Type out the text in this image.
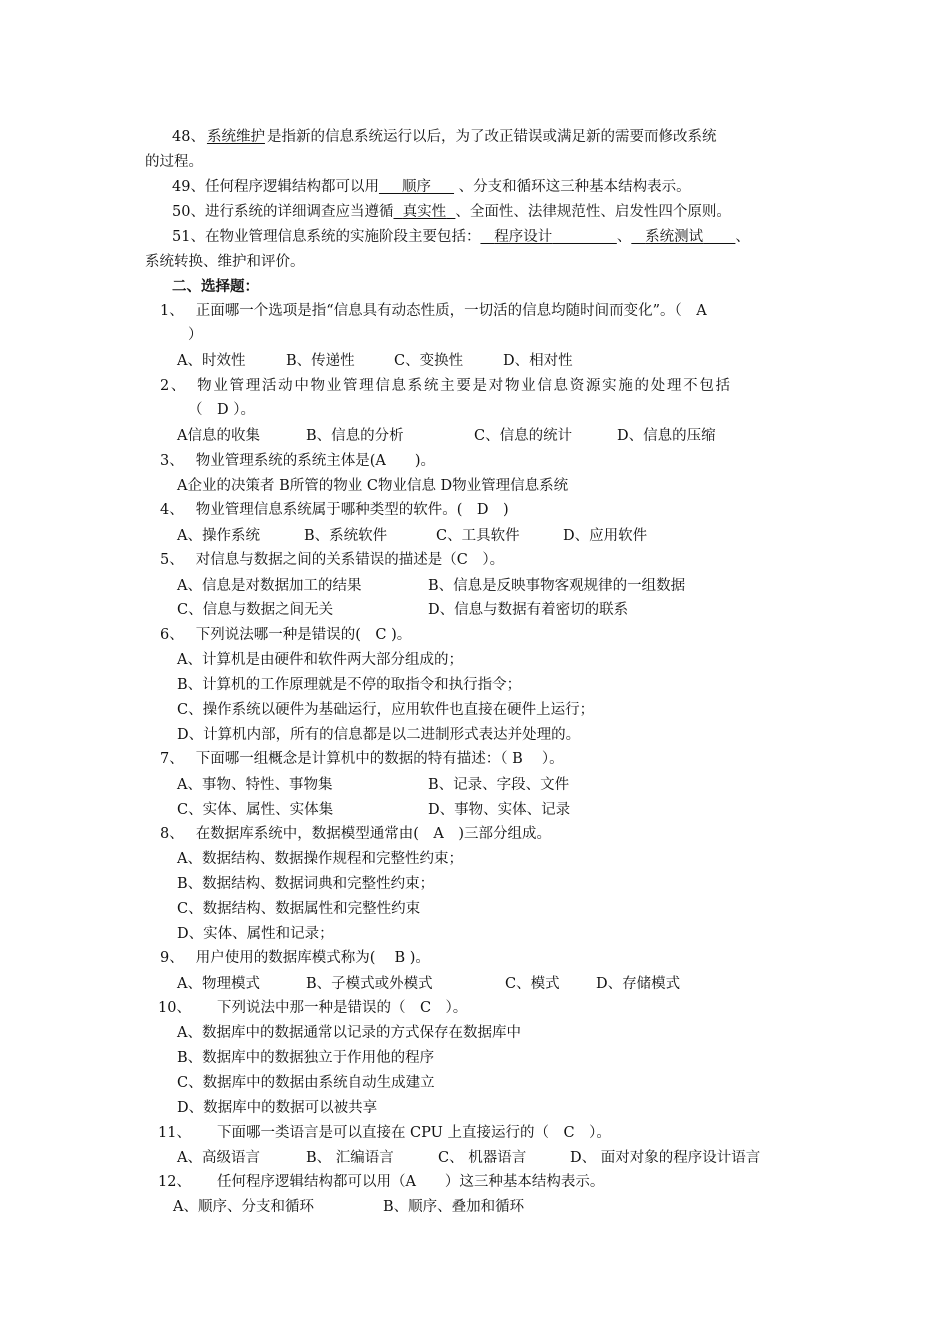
48、 系统维护 是指新的信息系统运行以后，为了改正错误或满足新的需要而修改系统
的过程。
49、任何程序逻辑结构都可以用 顺序 、分支和循环这三种基本结构表示。
50、进行系统的详细调查应当遵循 真实性 、全面性、法律规范性、启发性四个原则。
51、在物业管理信息系统的实施阶段主要包括： 程序设计	、 系统测试 、
系统转换、维护和评价。
二、选择题：
1、 正面哪一个选项是指“信息具有动态性质，一切活的信息均随时间而变化”。（　A
）
A、时效性	B、传递性	C、变换性	D、相对性
2、 物业管理活动中物业管理信息系统主要是对物业信息资源实施的处理不包括
（　D ）。
A信息的收集	B、信息的分析	C、信息的统计	D、信息的压缩
3、 物业管理系统的系统主体是(A　　)。
A企业的决策者 B所管的物业 C物业信息 D物业管理信息系统
4、 物业管理信息系统属于哪种类型的软件。(　D　)
A、操作系统	B、系统软件	C、工具软件	D、应用软件
5、 对信息与数据之间的关系错误的描述是（C　）。
A、信息是对数据加工的结果	B、信息是反映事物客观规律的一组数据
C、信息与数据之间无关	D、信息与数据有着密切的联系
6、 下列说法哪一种是错误的(　C )。
A、计算机是由硬件和软件两大部分组成的；
B、计算机的工作原理就是不停的取指令和执行指令；
C、操作系统以硬件为基础运行，应用软件也直接在硬件上运行；
D、计算机内部，所有的信息都是以二进制形式表达并处理的。
7、 下面哪一组概念是计算机中的数据的特有描述：（ B　 ）。
A、事物、特性、事物集	B、记录、字段、文件
C、实体、属性、实体集	D、事物、实体、记录
8、 在数据库系统中，数据模型通常由(　A　)三部分组成。
A、数据结构、数据操作规程和完整性约束；
B、数据结构、数据词典和完整性约束；
C、数据结构、数据属性和完整性约束
D、实体、属性和记录；
9、 用户使用的数据库模式称为(　 B )。
A、物理模式	B、子模式或外模式	C、模式	D、存储模式
10、 下列说法中那一种是错误的（　C　）。
A、数据库中的数据通常以记录的方式保存在数据库中
B、数据库中的数据独立于作用他的程序
C、数据库中的数据由系统自动生成建立
D、数据库中的数据可以被共享
11、 下面哪一类语言是可以直接在 CPU 上直接运行的（　C　）。
A、高级语言	B、 汇编语言	C、 机器语言	D、 面对对象的程序设计语言
12、 任何程序逻辑结构都可以用（A　　）这三种基本结构表示。
A、顺序、分支和循环	B、顺序、叠加和循环
